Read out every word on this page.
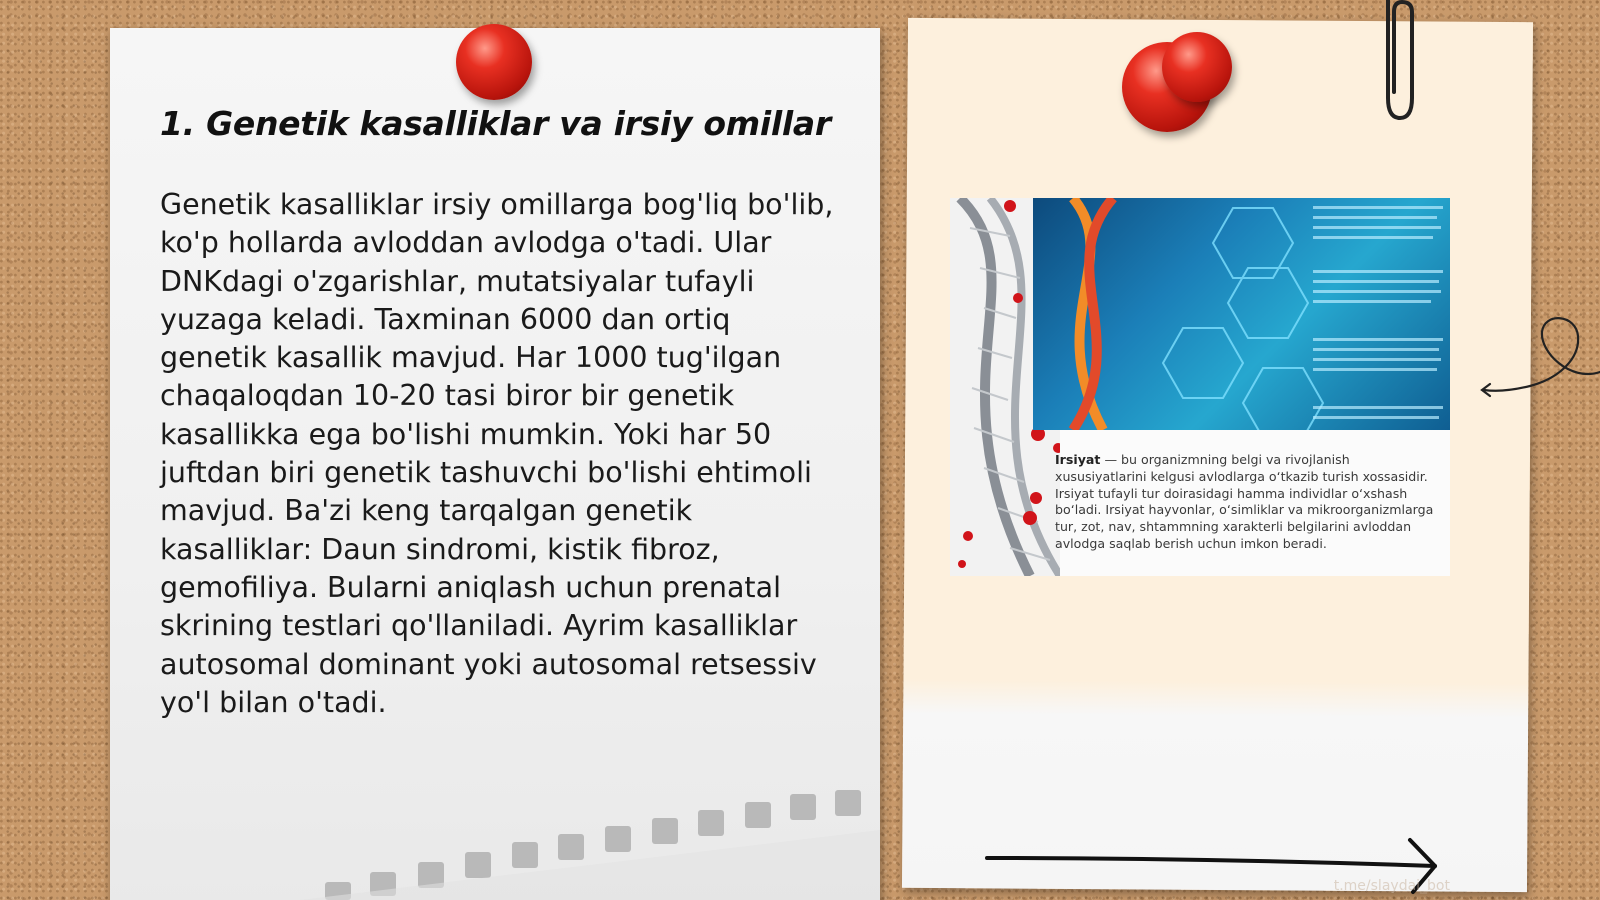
1. Genetik kasalliklar va irsiy omillar

Genetik kasalliklar irsiy omillarga bog'liq bo'lib, ko'p hollarda avloddan avlodga o'tadi. Ular DNKdagi o'zgarishlar, mutatsiyalar tufayli yuzaga keladi. Taxminan 6000 dan ortiq genetik kasallik mavjud. Har 1000 tug'ilgan chaqaloqdan 10-20 tasi biror bir genetik kasallikka ega bo'lishi mumkin. Yoki har 50 juftdan biri genetik tashuvchi bo'lishi ehtimoli mavjud. Ba'zi keng tarqalgan genetik kasalliklar: Daun sindromi, kistik fibroz, gemofiliya. Bularni aniqlash uchun prenatal skrining testlari qo'llaniladi. Ayrim kasalliklar autosomal dominant yoki autosomal retsessiv yo'l bilan o'tadi.

Irsiyat — bu organizmning belgi va rivojlanish xususiyatlarini kelgusi avlodlarga o‘tkazib turish xossasidir. Irsiyat tufayli tur doirasidagi hamma individlar o‘xshash bo‘ladi. Irsiyat hayvonlar, o‘simliklar va mikroorganizmlarga tur, zot, nav, shtammning xarakterli belgilarini avloddan avlodga saqlab berish uchun imkon beradi.

t.me/slaydai_bot
